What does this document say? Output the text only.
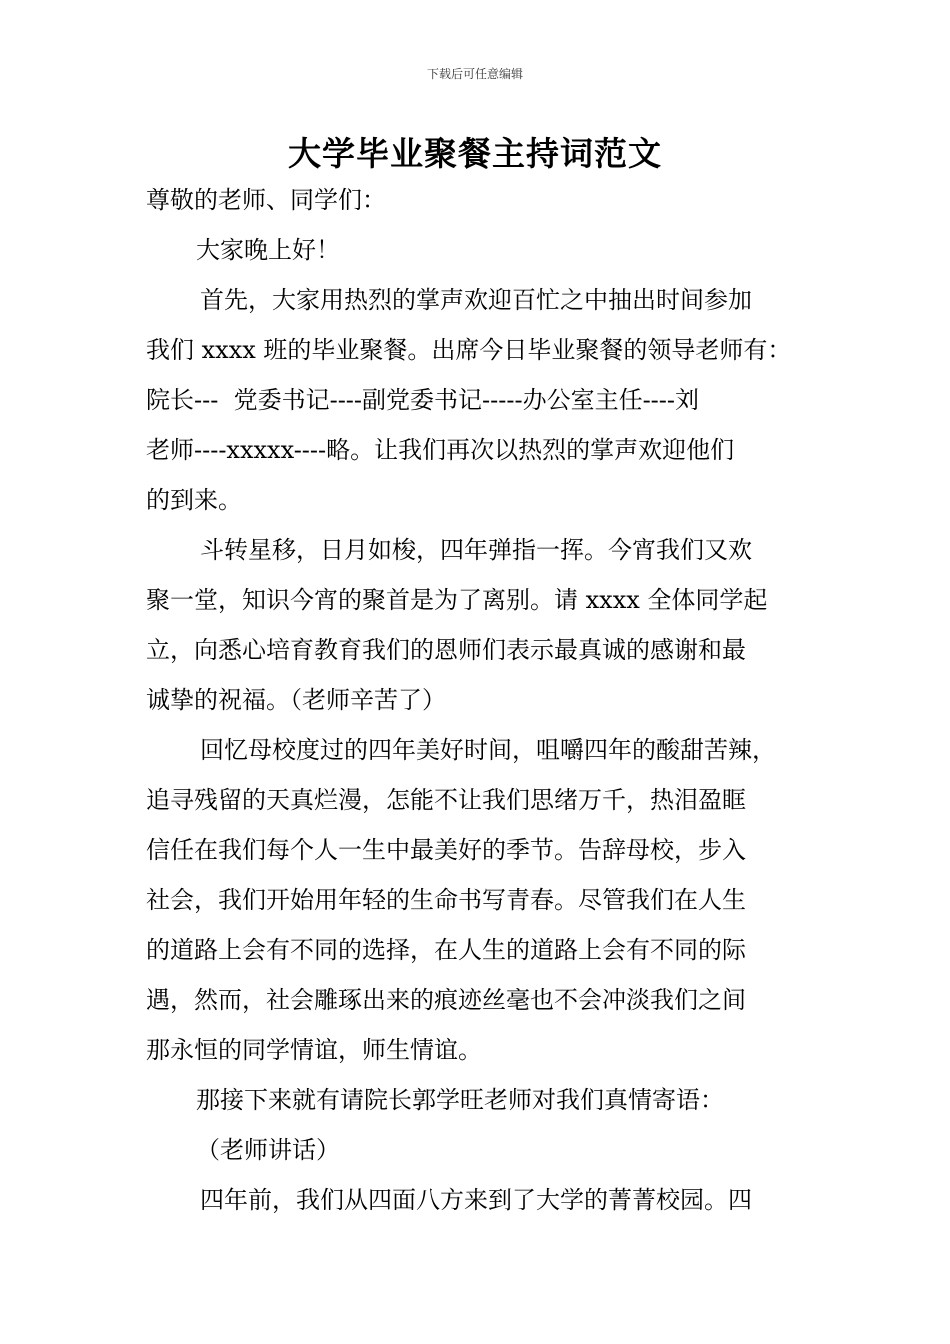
下载后可任意编辑
大学毕业聚餐主持词范文
尊敬的老师、同学们：
大家晚上好！
首先，大家用热烈的掌声欢迎百忙之中抽出时间参加
我们 xxxx 班的毕业聚餐。出席今日毕业聚餐的领导老师有：
院长---  党委书记----副党委书记-----办公室主任----刘
老师----xxxxx----略。让我们再次以热烈的掌声欢迎他们
的到来。
斗转星移，日月如梭，四年弹指一挥。今宵我们又欢
聚一堂，知识今宵的聚首是为了离别。请 xxxx 全体同学起
立，向悉心培育教育我们的恩师们表示最真诚的感谢和最
诚挚的祝福。（老师辛苦了）
回忆母校度过的四年美好时间，咀嚼四年的酸甜苦辣，
追寻残留的天真烂漫，怎能不让我们思绪万千，热泪盈眶
信任在我们每个人一生中最美好的季节。告辞母校，步入
社会，我们开始用年轻的生命书写青春。尽管我们在人生
的道路上会有不同的选择，在人生的道路上会有不同的际
遇，然而，社会雕琢出来的痕迹丝毫也不会冲淡我们之间
那永恒的同学情谊，师生情谊。
那接下来就有请院长郭学旺老师对我们真情寄语：
（老师讲话）
四年前，我们从四面八方来到了大学的菁菁校园。四
